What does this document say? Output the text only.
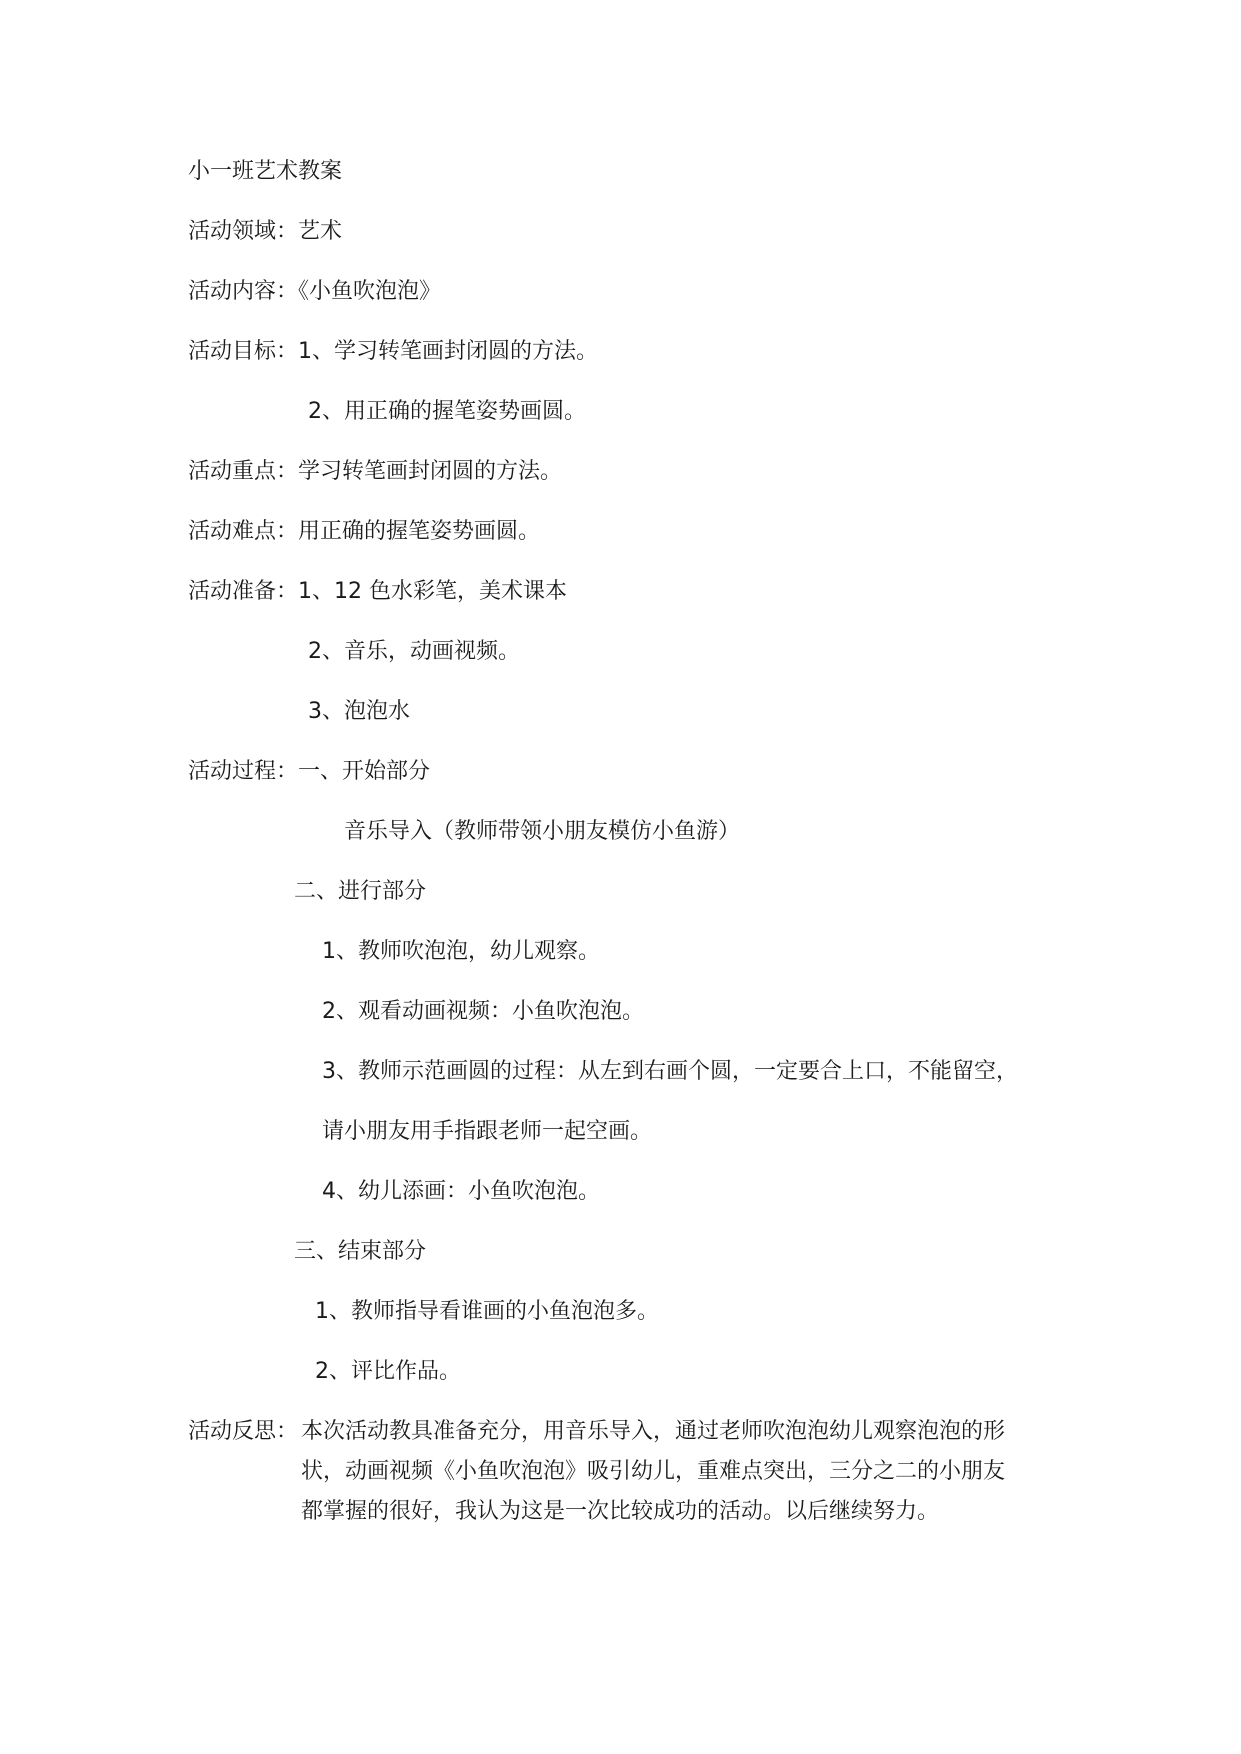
小一班艺术教案
活动领域：艺术
活动内容：《小鱼吹泡泡》
活动目标：1、学习转笔画封闭圆的方法。
2、用正确的握笔姿势画圆。
活动重点：学习转笔画封闭圆的方法。
活动难点：用正确的握笔姿势画圆。
活动准备：1、12 色水彩笔，美术课本
2、音乐，动画视频。
3、泡泡水
活动过程：一、开始部分
音乐导入（教师带领小朋友模仿小鱼游）
二、进行部分
1、教师吹泡泡，幼儿观察。
2、观看动画视频：小鱼吹泡泡。
3、教师示范画圆的过程：从左到右画个圆，一定要合上口，不能留空，
请小朋友用手指跟老师一起空画。
4、幼儿添画：小鱼吹泡泡。
三、结束部分
1、教师指导看谁画的小鱼泡泡多。
2、评比作品。
活动反思： 本次活动教具准备充分，用音乐导入，通过老师吹泡泡幼儿观察泡泡的形
状，动画视频《小鱼吹泡泡》吸引幼儿，重难点突出，三分之二的小朋友
都掌握的很好，我认为这是一次比较成功的活动。以后继续努力。
